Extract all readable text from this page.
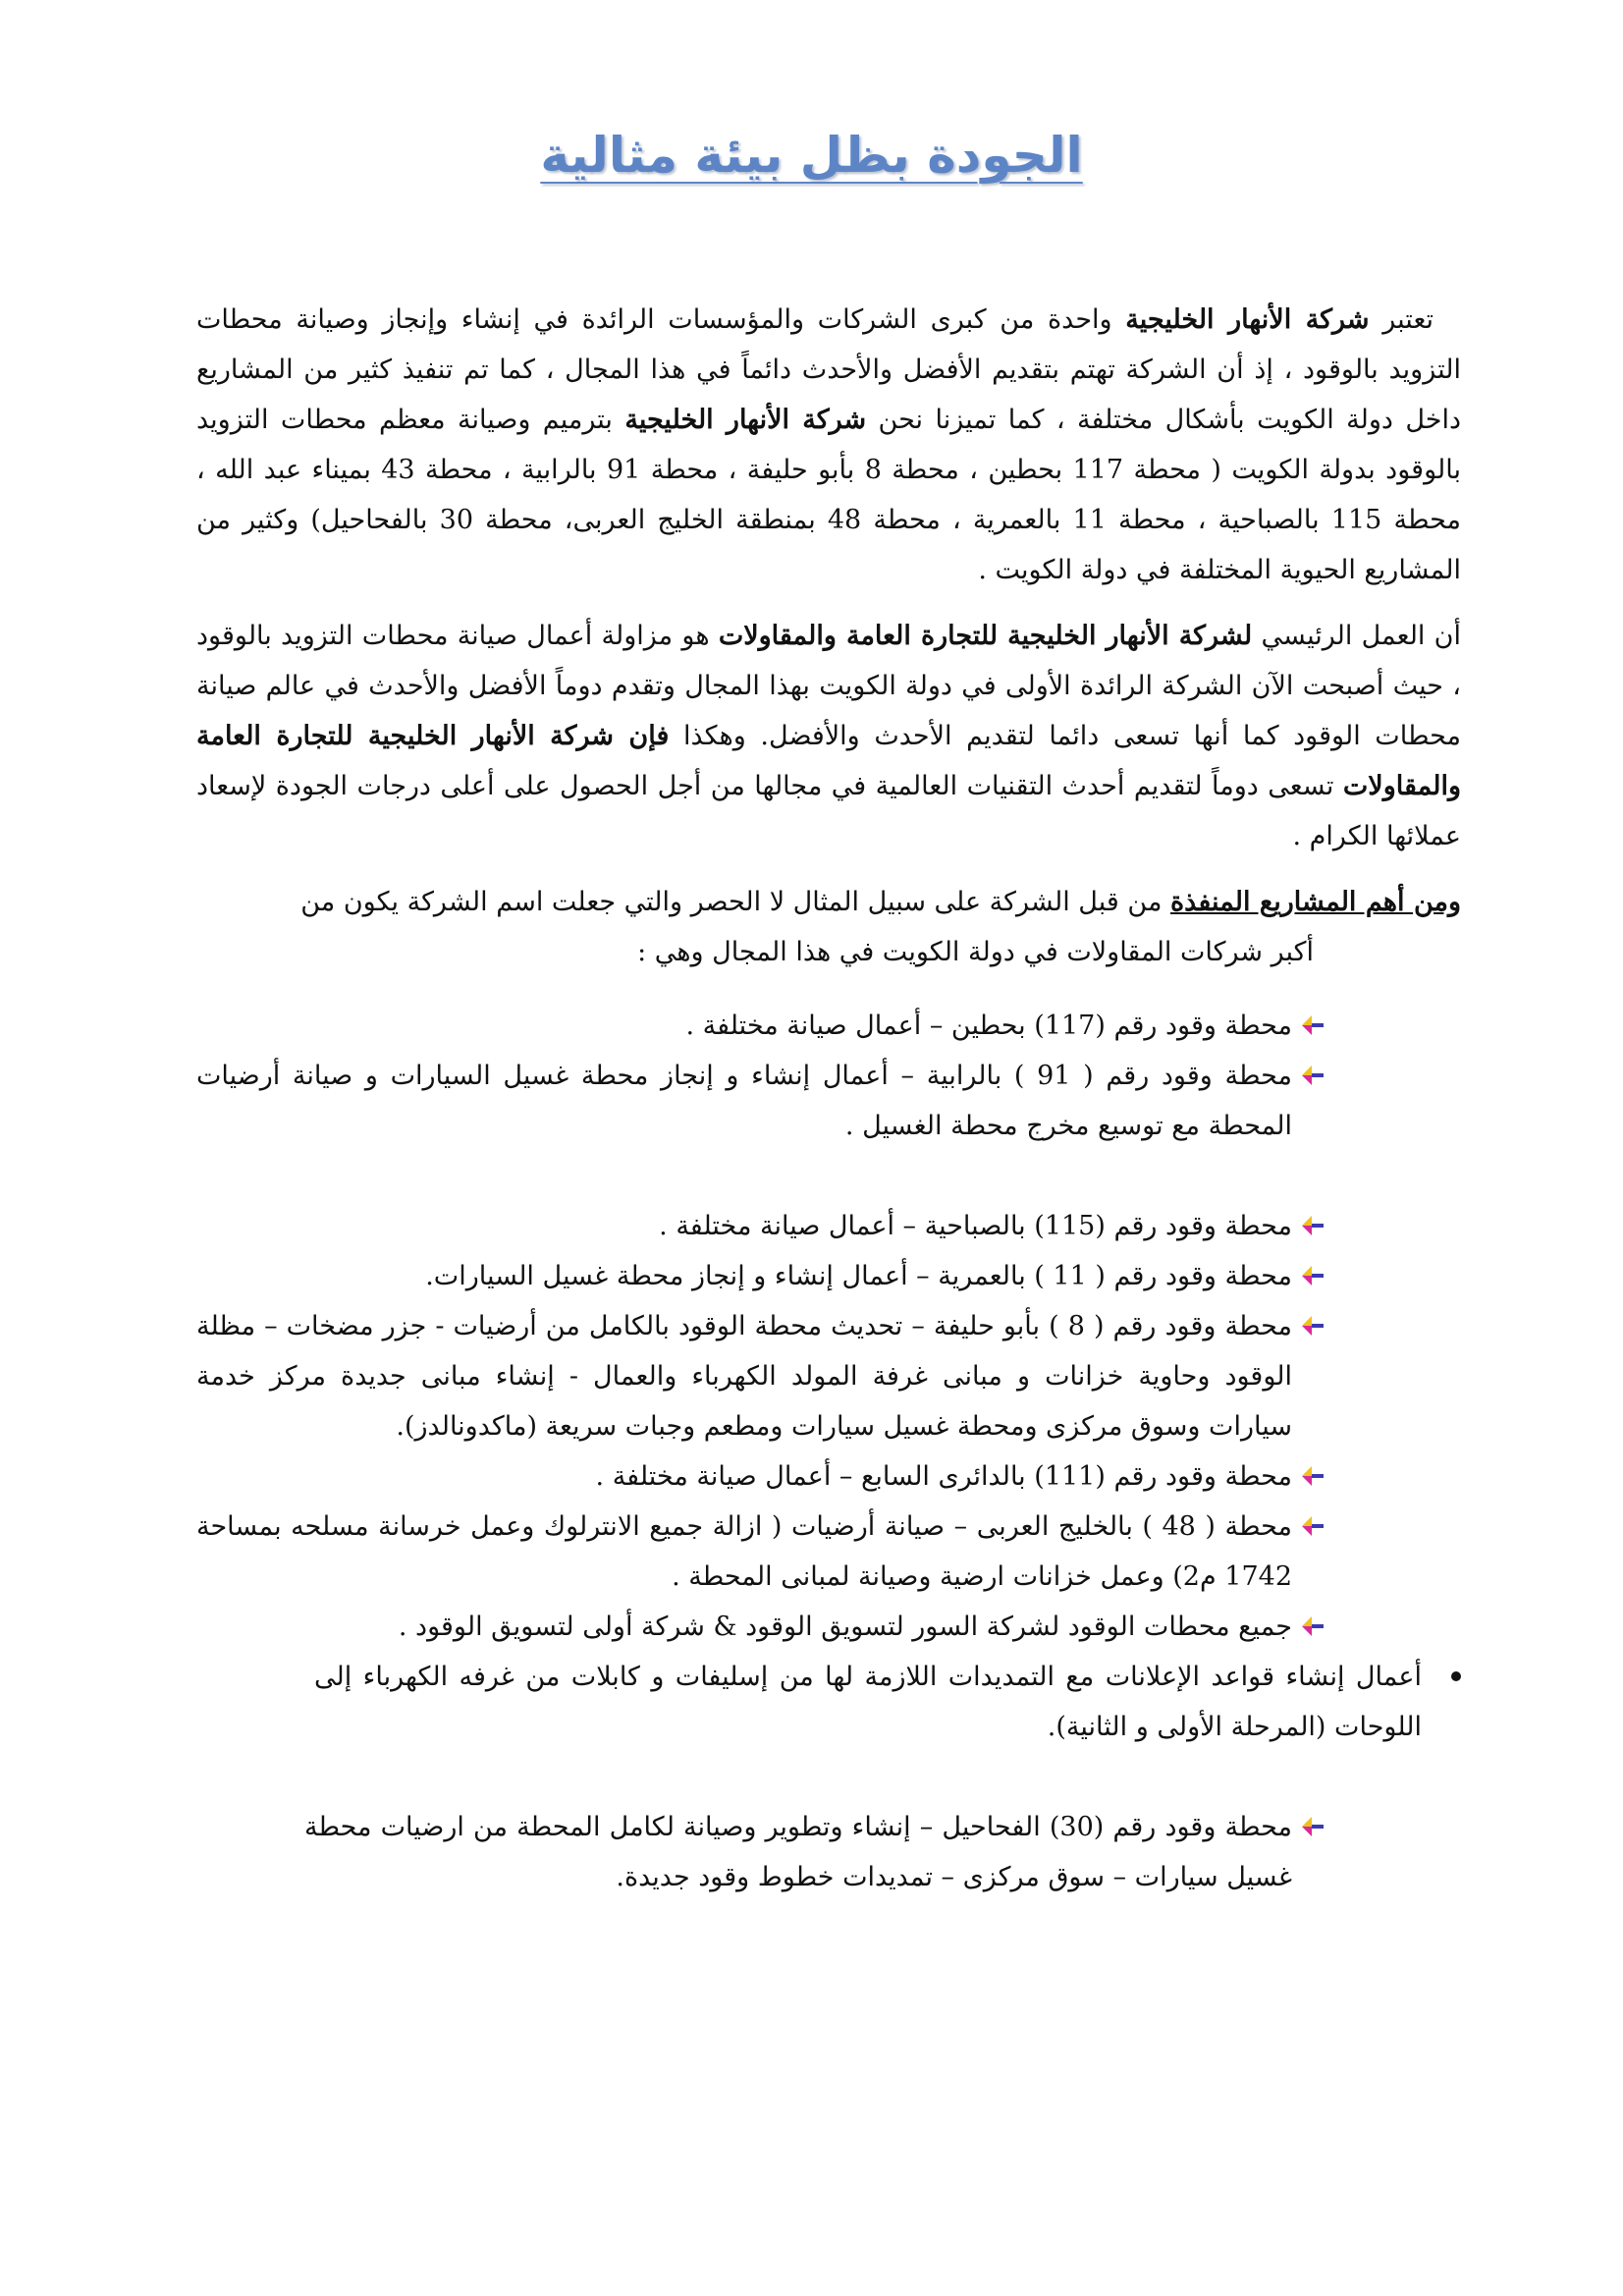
الجودة بظل بيئة مثالية

تعتبر شركة الأنهار الخليجية واحدة من كبرى الشركات والمؤسسات الرائدة في إنشاء وإنجاز وصيانة محطات التزويد بالوقود ، إذ أن الشركة تهتم بتقديم الأفضل والأحدث دائماً في هذا المجال ، كما تم تنفيذ كثير من المشاريع داخل دولة الكويت بأشكال مختلفة ، كما تميزنا نحن شركة الأنهار الخليجية بترميم وصيانة معظم محطات التزويد بالوقود بدولة الكويت ( محطة 117 بحطين ، محطة 8 بأبو حليفة ، محطة 91 بالرابية ، محطة 43 بميناء عبد الله ، محطة 115 بالصباحية ، محطة 11 بالعمرية ، محطة 48 بمنطقة الخليج العربى، محطة 30 بالفحاحيل) وكثير من المشاريع الحيوية المختلفة في دولة الكويت .

أن العمل الرئيسي لشركة الأنهار الخليجية للتجارة العامة والمقاولات هو مزاولة أعمال صيانة محطات التزويد بالوقود ، حيث أصبحت الآن الشركة الرائدة الأولى في دولة الكويت بهذا المجال وتقدم دوماً الأفضل والأحدث في عالم صيانة محطات الوقود كما أنها تسعى دائما لتقديم الأحدث والأفضل. وهكذا فإن شركة الأنهار الخليجية للتجارة العامة والمقاولات تسعى دوماً لتقديم أحدث التقنيات العالمية في مجالها من أجل الحصول على أعلى درجات الجودة لإسعاد عملائها الكرام .

ومن أهم المشاريع المنفذة من قبل الشركة على سبيل المثال لا الحصر والتي جعلت اسم الشركة يكون من
أكبر شركات المقاولات في دولة الكويت في هذا المجال وهي :

محطة وقود رقم (117) بحطين – أعمال صيانة مختلفة .
محطة وقود رقم ( 91 ) بالرابية – أعمال إنشاء و إنجاز محطة غسيل السيارات و صيانة أرضيات المحطة مع توسيع مخرج محطة الغسيل .
محطة وقود رقم (115) بالصباحية – أعمال صيانة مختلفة .
محطة وقود رقم ( 11 ) بالعمرية – أعمال إنشاء و إنجاز محطة غسيل السيارات.
محطة وقود رقم ( 8 ) بأبو حليفة – تحديث محطة الوقود بالكامل من أرضيات - جزر مضخات – مظلة الوقود وحاوية خزانات و مبانى غرفة المولد الكهرباء والعمال - إنشاء مبانى جديدة مركز خدمة سيارات وسوق مركزى ومحطة غسيل سيارات ومطعم وجبات سريعة (ماكدونالدز).
محطة وقود رقم (111) بالدائرى السابع – أعمال صيانة مختلفة .
محطة ( 48 ) بالخليج العربى – صيانة أرضيات ( ازالة جميع الانترلوك وعمل خرسانة مسلحه بمساحة 1742 م2) وعمل خزانات ارضية وصيانة لمبانى المحطة .
جميع محطات الوقود لشركة السور لتسويق الوقود & شركة أولى لتسويق الوقود .
أعمال إنشاء قواعد الإعلانات مع التمديدات اللازمة لها من إسليفات و كابلات من غرفه الكهرباء إلى اللوحات (المرحلة الأولى و الثانية).
محطة وقود رقم (30) الفحاحيل – إنشاء وتطوير وصيانة لكامل المحطة من ارضيات محطة غسيل سيارات – سوق مركزى – تمديدات خطوط وقود جديدة.
